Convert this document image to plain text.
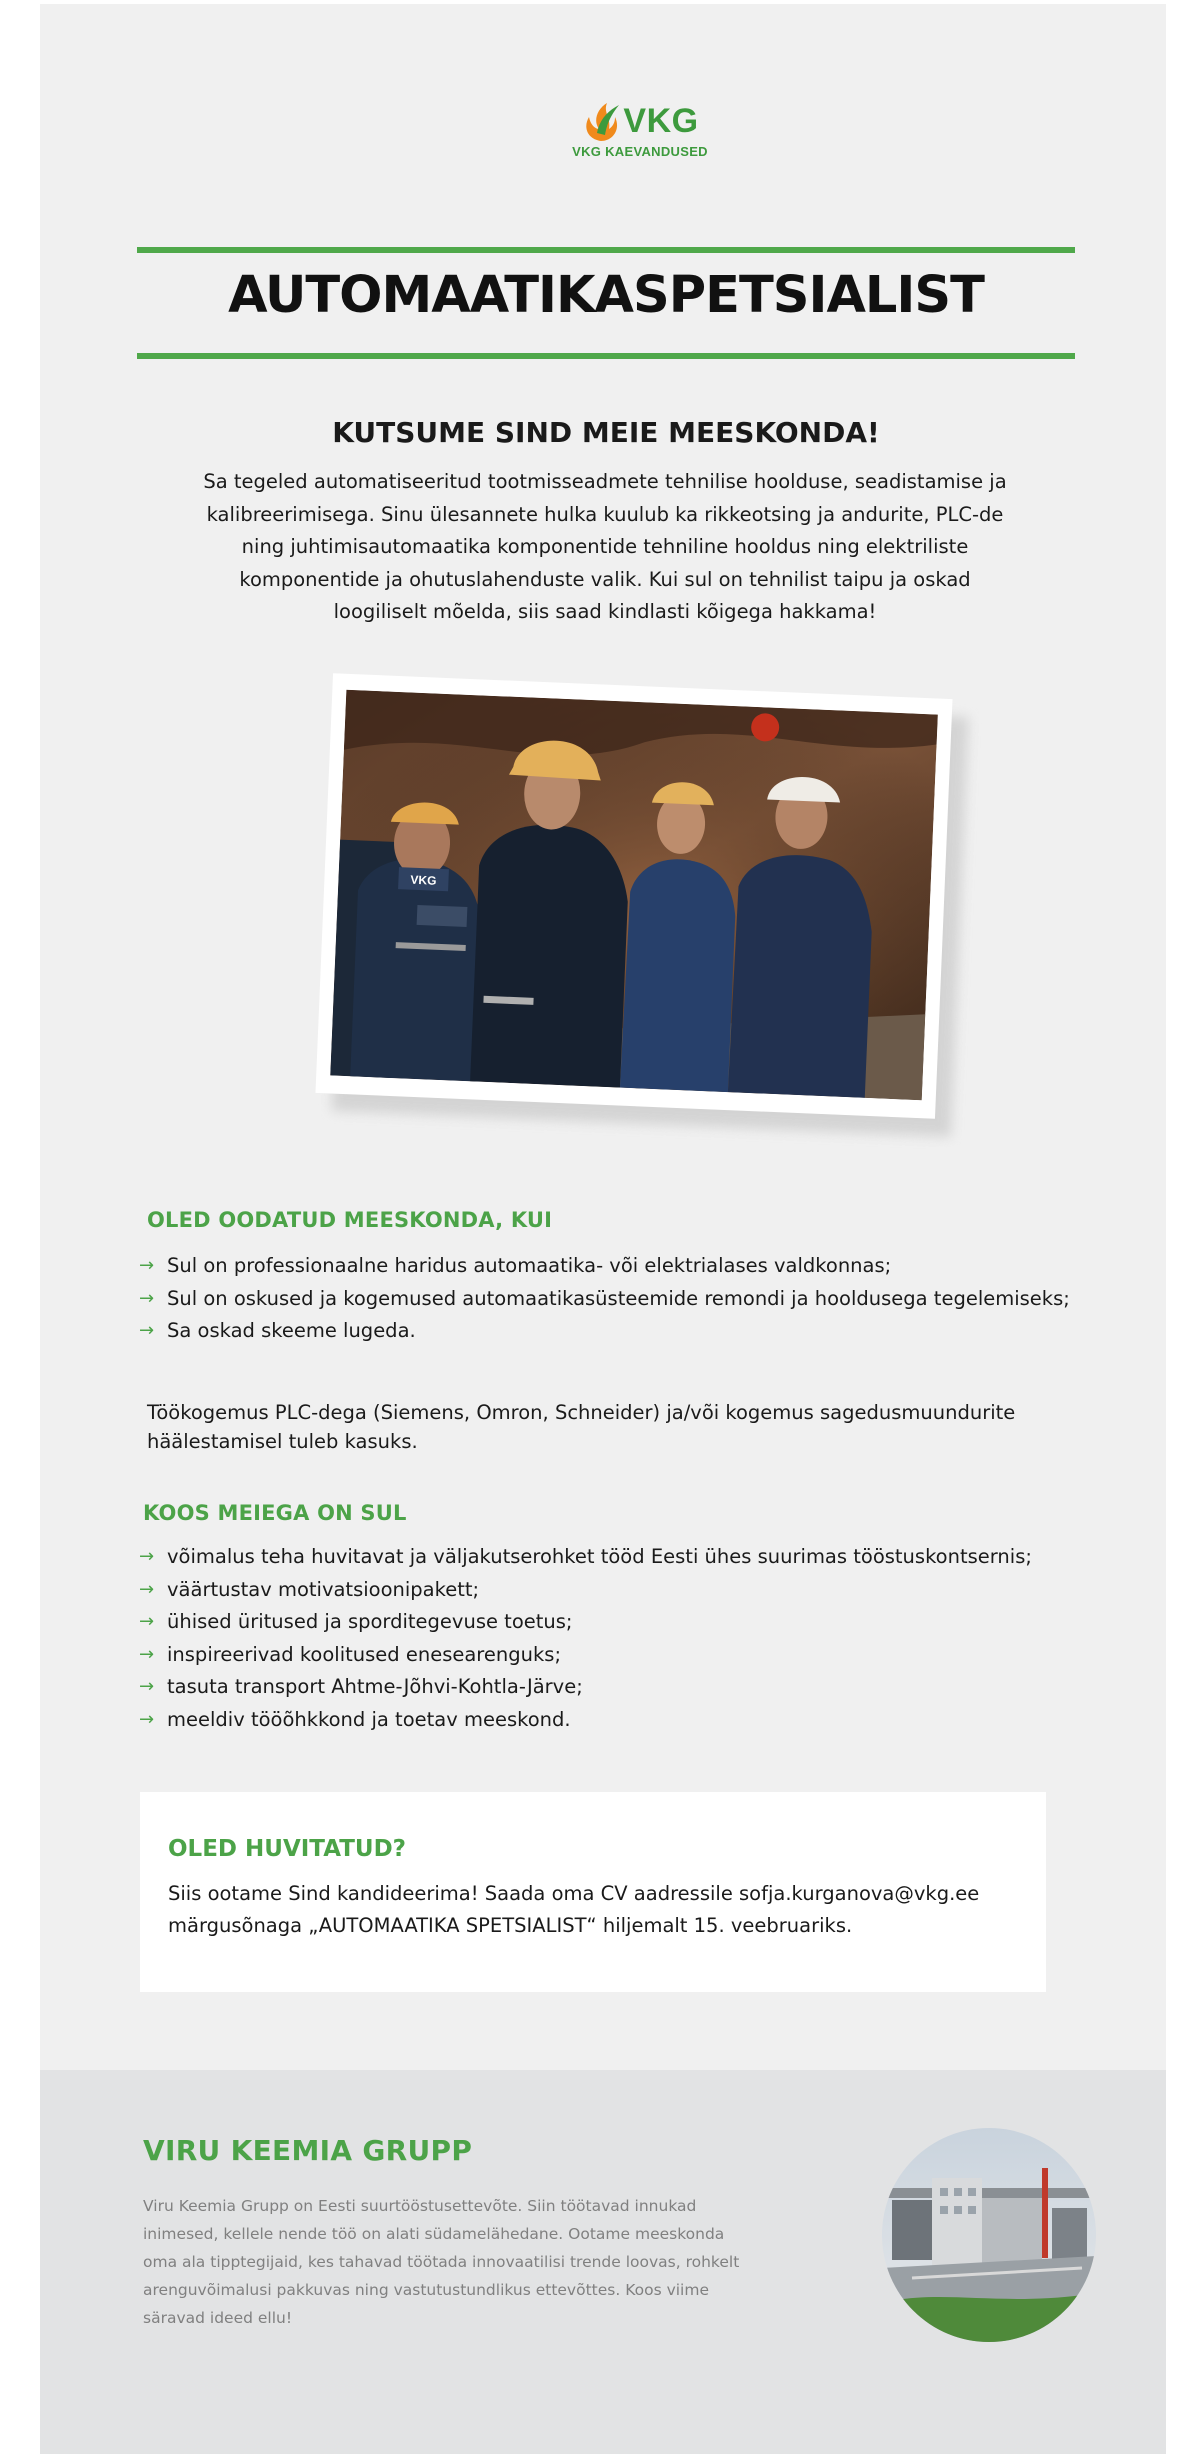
VKG
VKG KAEVANDUSED
AUTOMAATIKASPETSIALIST
KUTSUME SIND MEIE MEESKONDA!

Sa tegeled automatiseeritud tootmisseadmete tehnilise hoolduse, seadistamise ja kalibreerimisega. Sinu ülesannete hulka kuulub ka rikkeotsing ja andurite, PLC-de ning juhtimisautomaatika komponentide tehniline hooldus ning elektriliste komponentide ja ohutuslahenduste valik. Kui sul on tehnilist taipu ja oskad loogiliselt mõelda, siis saad kindlasti kõigega hakkama!

VKG
OLED OODATUD MEESKONDA, KUI
→ Sul on professionaalne haridus automaatika- või elektrialases valdkonnas;
→ Sul on oskused ja kogemused automaatikasüsteemide remondi ja hooldusega tegelemiseks;
→ Sa oskad skeeme lugeda.

Töökogemus PLC-dega (Siemens, Omron, Schneider) ja/või kogemus sagedusmuundurite häälestamisel tuleb kasuks.

KOOS MEIEGA ON SUL
→ võimalus teha huvitavat ja väljakutserohket tööd Eesti ühes suurimas tööstuskontsernis;
→ väärtustav motivatsioonipakett;
→ ühised üritused ja sporditegevuse toetus;
→ inspireerivad koolitused enesearenguks;
→ tasuta transport Ahtme-Jõhvi-Kohtla-Järve;
→ meeldiv tööõhkkond ja toetav meeskond.
OLED HUVITATUD?

Siis ootame Sind kandideerima! Saada oma CV aadressile sofja.kurganova@vkg.ee märgusõnaga „AUTOMAATIKA SPETSIALIST“ hiljemalt 15. veebruariks.

VIRU KEEMIA GRUPP

Viru Keemia Grupp on Eesti suurtööstusettevõte. Siin töötavad innukad inimesed, kellele nende töö on alati südamelähedane. Ootame meeskonda oma ala tipptegijaid, kes tahavad töötada innovaatilisi trende loovas, rohkelt arenguvõimalusi pakkuvas ning vastutustundlikus ettevõttes. Koos viime säravad ideed ellu!
